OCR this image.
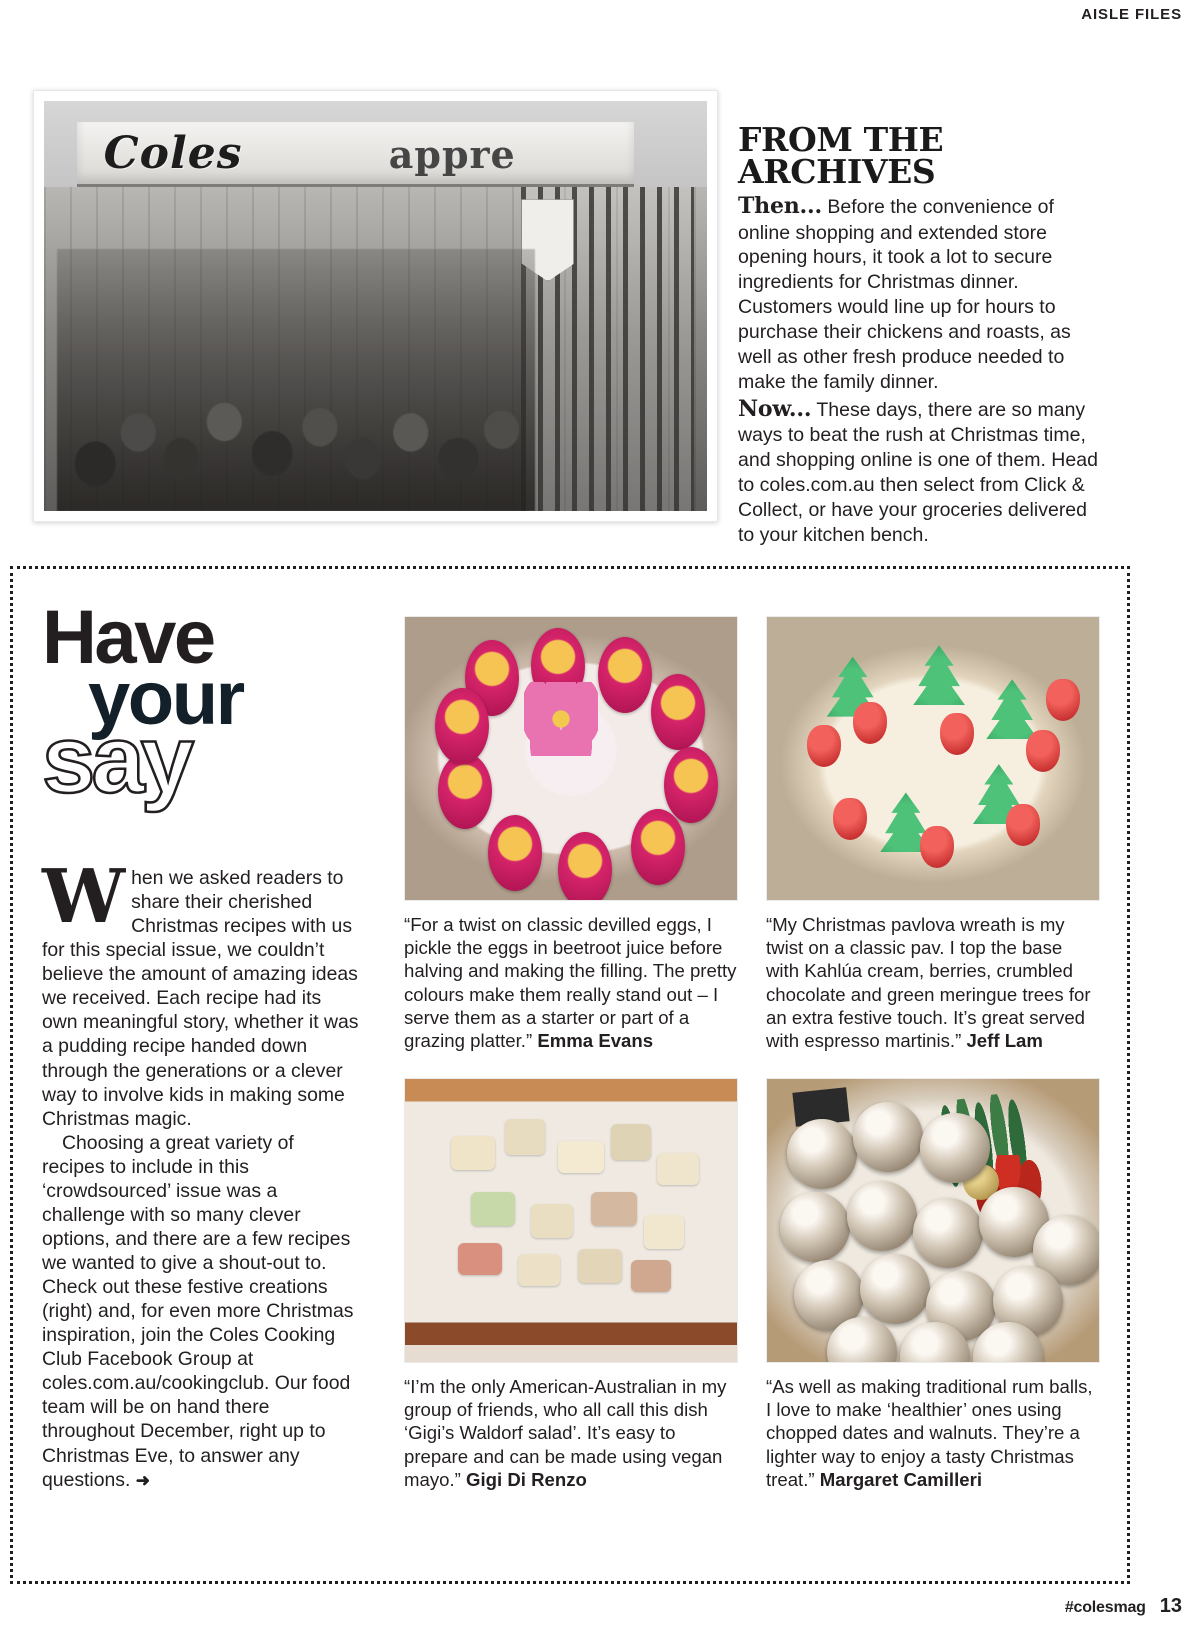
AISLE FILES
Coles	appre	FROM THE
ARCHIVES

Then... Before the convenience of online shopping and extended store opening hours, it took a lot to secure ingredients for Christmas dinner. Customers would line up for hours to purchase their chickens and roasts, as well as other fresh produce needed to make the family dinner.

Now... These days, there are so many ways to beat the rush at Christmas time, and shopping online is one of them. Head to coles.com.au then select from Click & Collect, or have your groceries delivered to your kitchen bench.

Have
your
say

When we asked readers to share their cherished Christmas recipes with us for this special issue, we couldn’t believe the amount of amazing ideas we received. Each recipe had its own meaningful story, whether it was a pudding recipe handed down through the generations or a clever way to involve kids in making some Christmas magic.

Choosing a great variety of recipes to include in this ‘crowdsourced’ issue was a challenge with so many clever options, and there are a few recipes we wanted to give a shout-out to. Check out these festive creations (right) and, for even more Christmas inspiration, join the Coles Cooking Club Facebook Group at coles.com.au/cookingclub. Our food team will be on hand there throughout December, right up to Christmas Eve, to answer any questions. ➜

“For a twist on classic devilled eggs, I pickle the eggs in beetroot juice before halving and making the filling. The pretty colours make them really stand out – I serve them as a starter or part of a grazing platter.” Emma Evans
“My Christmas pavlova wreath is my twist on a classic pav. I top the base with Kahlúa cream, berries, crumbled chocolate and green meringue trees for an extra festive touch. It’s great served with espresso martinis.” Jeff Lam
“I’m the only American-Australian in my group of friends, who all call this dish ‘Gigi’s Waldorf salad’. It’s easy to prepare and can be made using vegan mayo.” Gigi Di Renzo
“As well as making traditional rum balls, I love to make ‘healthier’ ones using chopped dates and walnuts. They’re a lighter way to enjoy a tasty Christmas treat.” Margaret Camilleri
#colesmag 13
